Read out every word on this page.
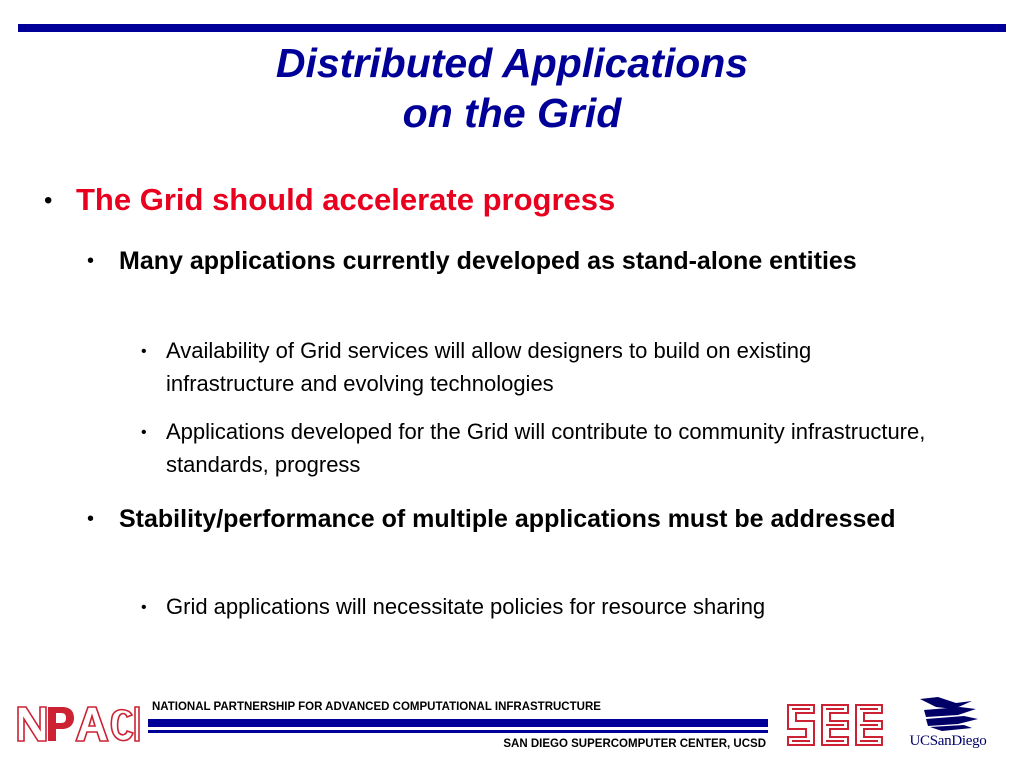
Distributed Applications
on the Grid
• The Grid should accelerate progress
• Many applications currently developed as stand-alone entities
• Availability of Grid services will allow designers to build on existing infrastructure and evolving technologies
• Applications developed for the Grid will contribute to community infrastructure, standards, progress
• Stability/performance of multiple applications must be addressed
• Grid applications will necessitate policies for resource sharing
NATIONAL PARTNERSHIP FOR ADVANCED COMPUTATIONAL INFRASTRUCTURE
SAN DIEGO SUPERCOMPUTER CENTER, UCSD	UCSanDiego
